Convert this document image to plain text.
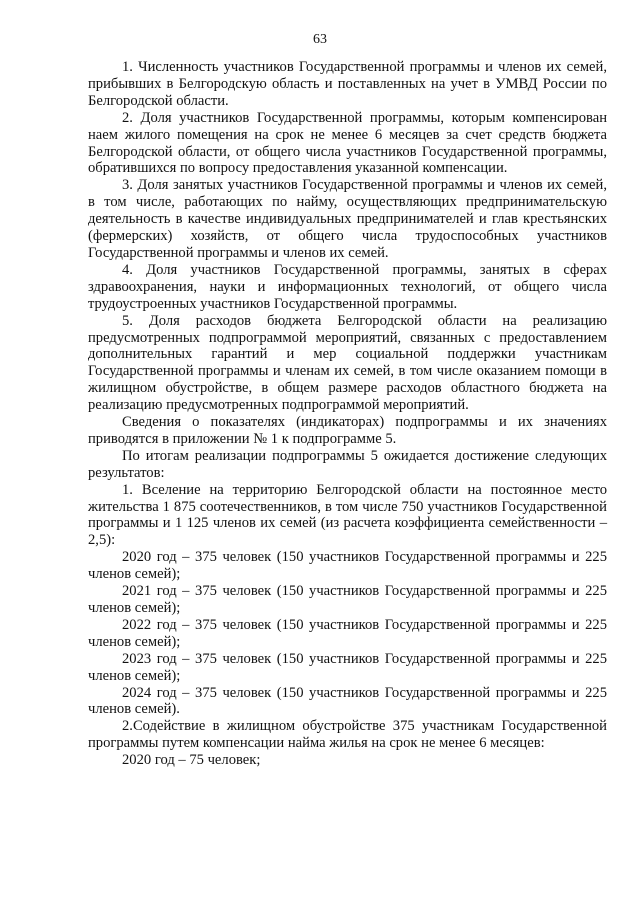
63

1. Численность участников Государственной программы и членов их семей, прибывших в Белгородскую область и поставленных на учет в УМВД России по Белгородской области.

2. Доля участников Государственной программы, которым компенсирован наем жилого помещения на срок не менее 6 месяцев за счет средств бюджета Белгородской области, от общего числа участников Государственной программы, обратившихся по вопросу предоставления указанной компенсации.

3. Доля занятых участников Государственной программы и членов их семей, в том числе, работающих по найму, осуществляющих предпринимательскую деятельность в качестве индивидуальных предпринимателей и глав крестьянских (фермерских) хозяйств, от общего числа трудоспособных участников Государственной программы и членов их семей.

4. Доля участников Государственной программы, занятых в сферах здравоохранения, науки и информационных технологий, от общего числа трудоустроенных участников Государственной программы.

5. Доля расходов бюджета Белгородской области на реализацию предусмотренных подпрограммой мероприятий, связанных с предоставлением дополнительных гарантий и мер социальной поддержки участникам Государственной программы и членам их семей, в том числе оказанием помощи в жилищном обустройстве, в общем размере расходов областного бюджета на реализацию предусмотренных подпрограммой мероприятий.

Сведения о показателях (индикаторах) подпрограммы и их значениях приводятся в приложении № 1 к подпрограмме 5.

По итогам реализации подпрограммы 5 ожидается достижение следующих результатов:

1. Вселение на территорию Белгородской области на постоянное место жительства 1 875 соотечественников, в том числе 750 участников Государственной программы и 1 125 членов их семей (из расчета коэффициента семейственности – 2,5):

2020 год – 375 человек (150 участников Государственной программы и 225 членов семей);

2021 год – 375 человек (150 участников Государственной программы и 225 членов семей);

2022 год – 375 человек (150 участников Государственной программы и 225 членов семей);

2023 год – 375 человек (150 участников Государственной программы и 225 членов семей);

2024 год – 375 человек (150 участников Государственной программы и 225 членов семей).

2.Содействие в жилищном обустройстве 375 участникам Государственной программы путем компенсации найма жилья на срок не менее 6 месяцев:

2020 год – 75 человек;
